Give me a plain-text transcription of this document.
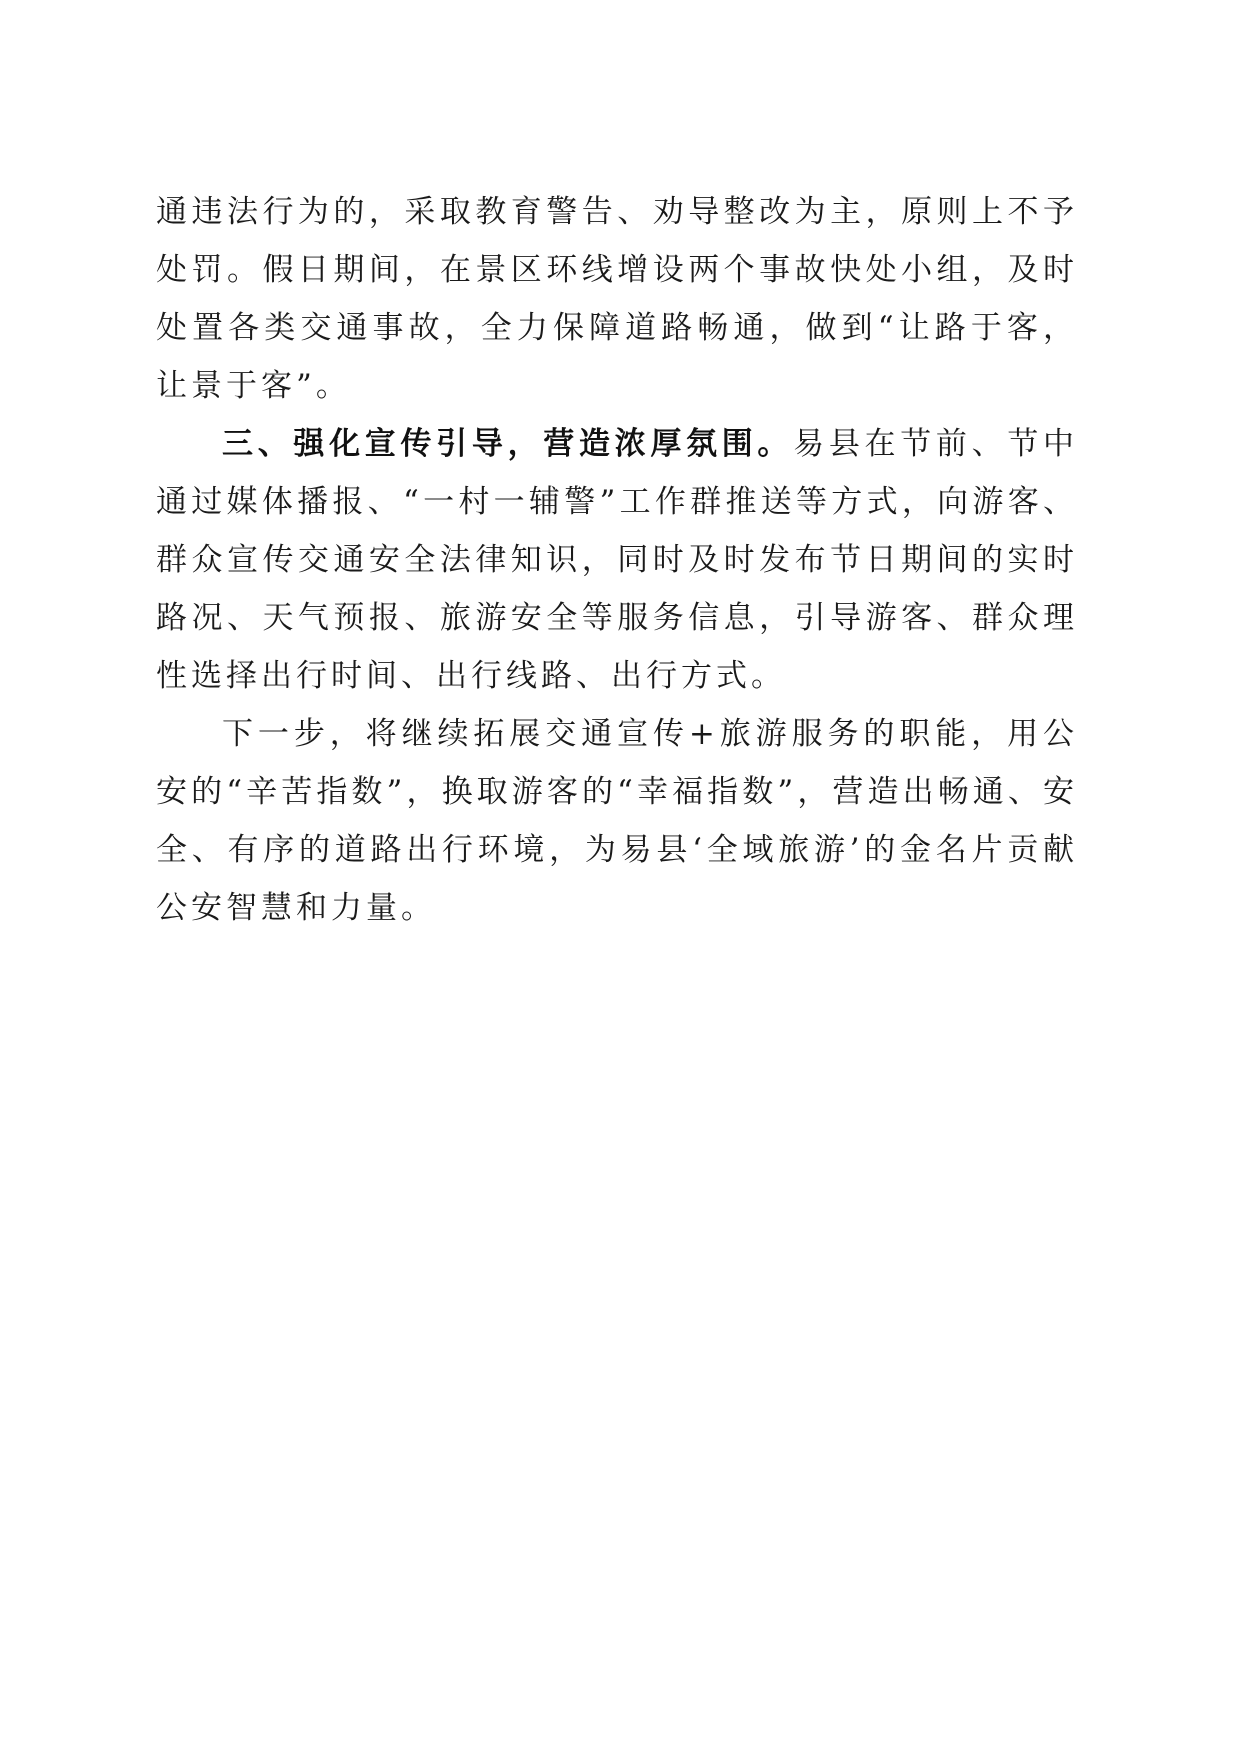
通违法行为的，采取教育警告、劝导整改为主，原则上不予处罚。假日期间，在景区环线增设两个事故快处小组，及时处置各类交通事故，全力保障道路畅通，做到“让路于客，让景于客”。

三、强化宣传引导，营造浓厚氛围。易县在节前、节中通过媒体播报、“一村一辅警”工作群推送等方式，向游客、群众宣传交通安全法律知识，同时及时发布节日期间的实时路况、天气预报、旅游安全等服务信息，引导游客、群众理性选择出行时间、出行线路、出行方式。

下一步，将继续拓展交通宣传+旅游服务的职能，用公安的“辛苦指数”，换取游客的“幸福指数”，营造出畅通、安全、有序的道路出行环境，为易县‘全域旅游’的金名片贡献公安智慧和力量。
